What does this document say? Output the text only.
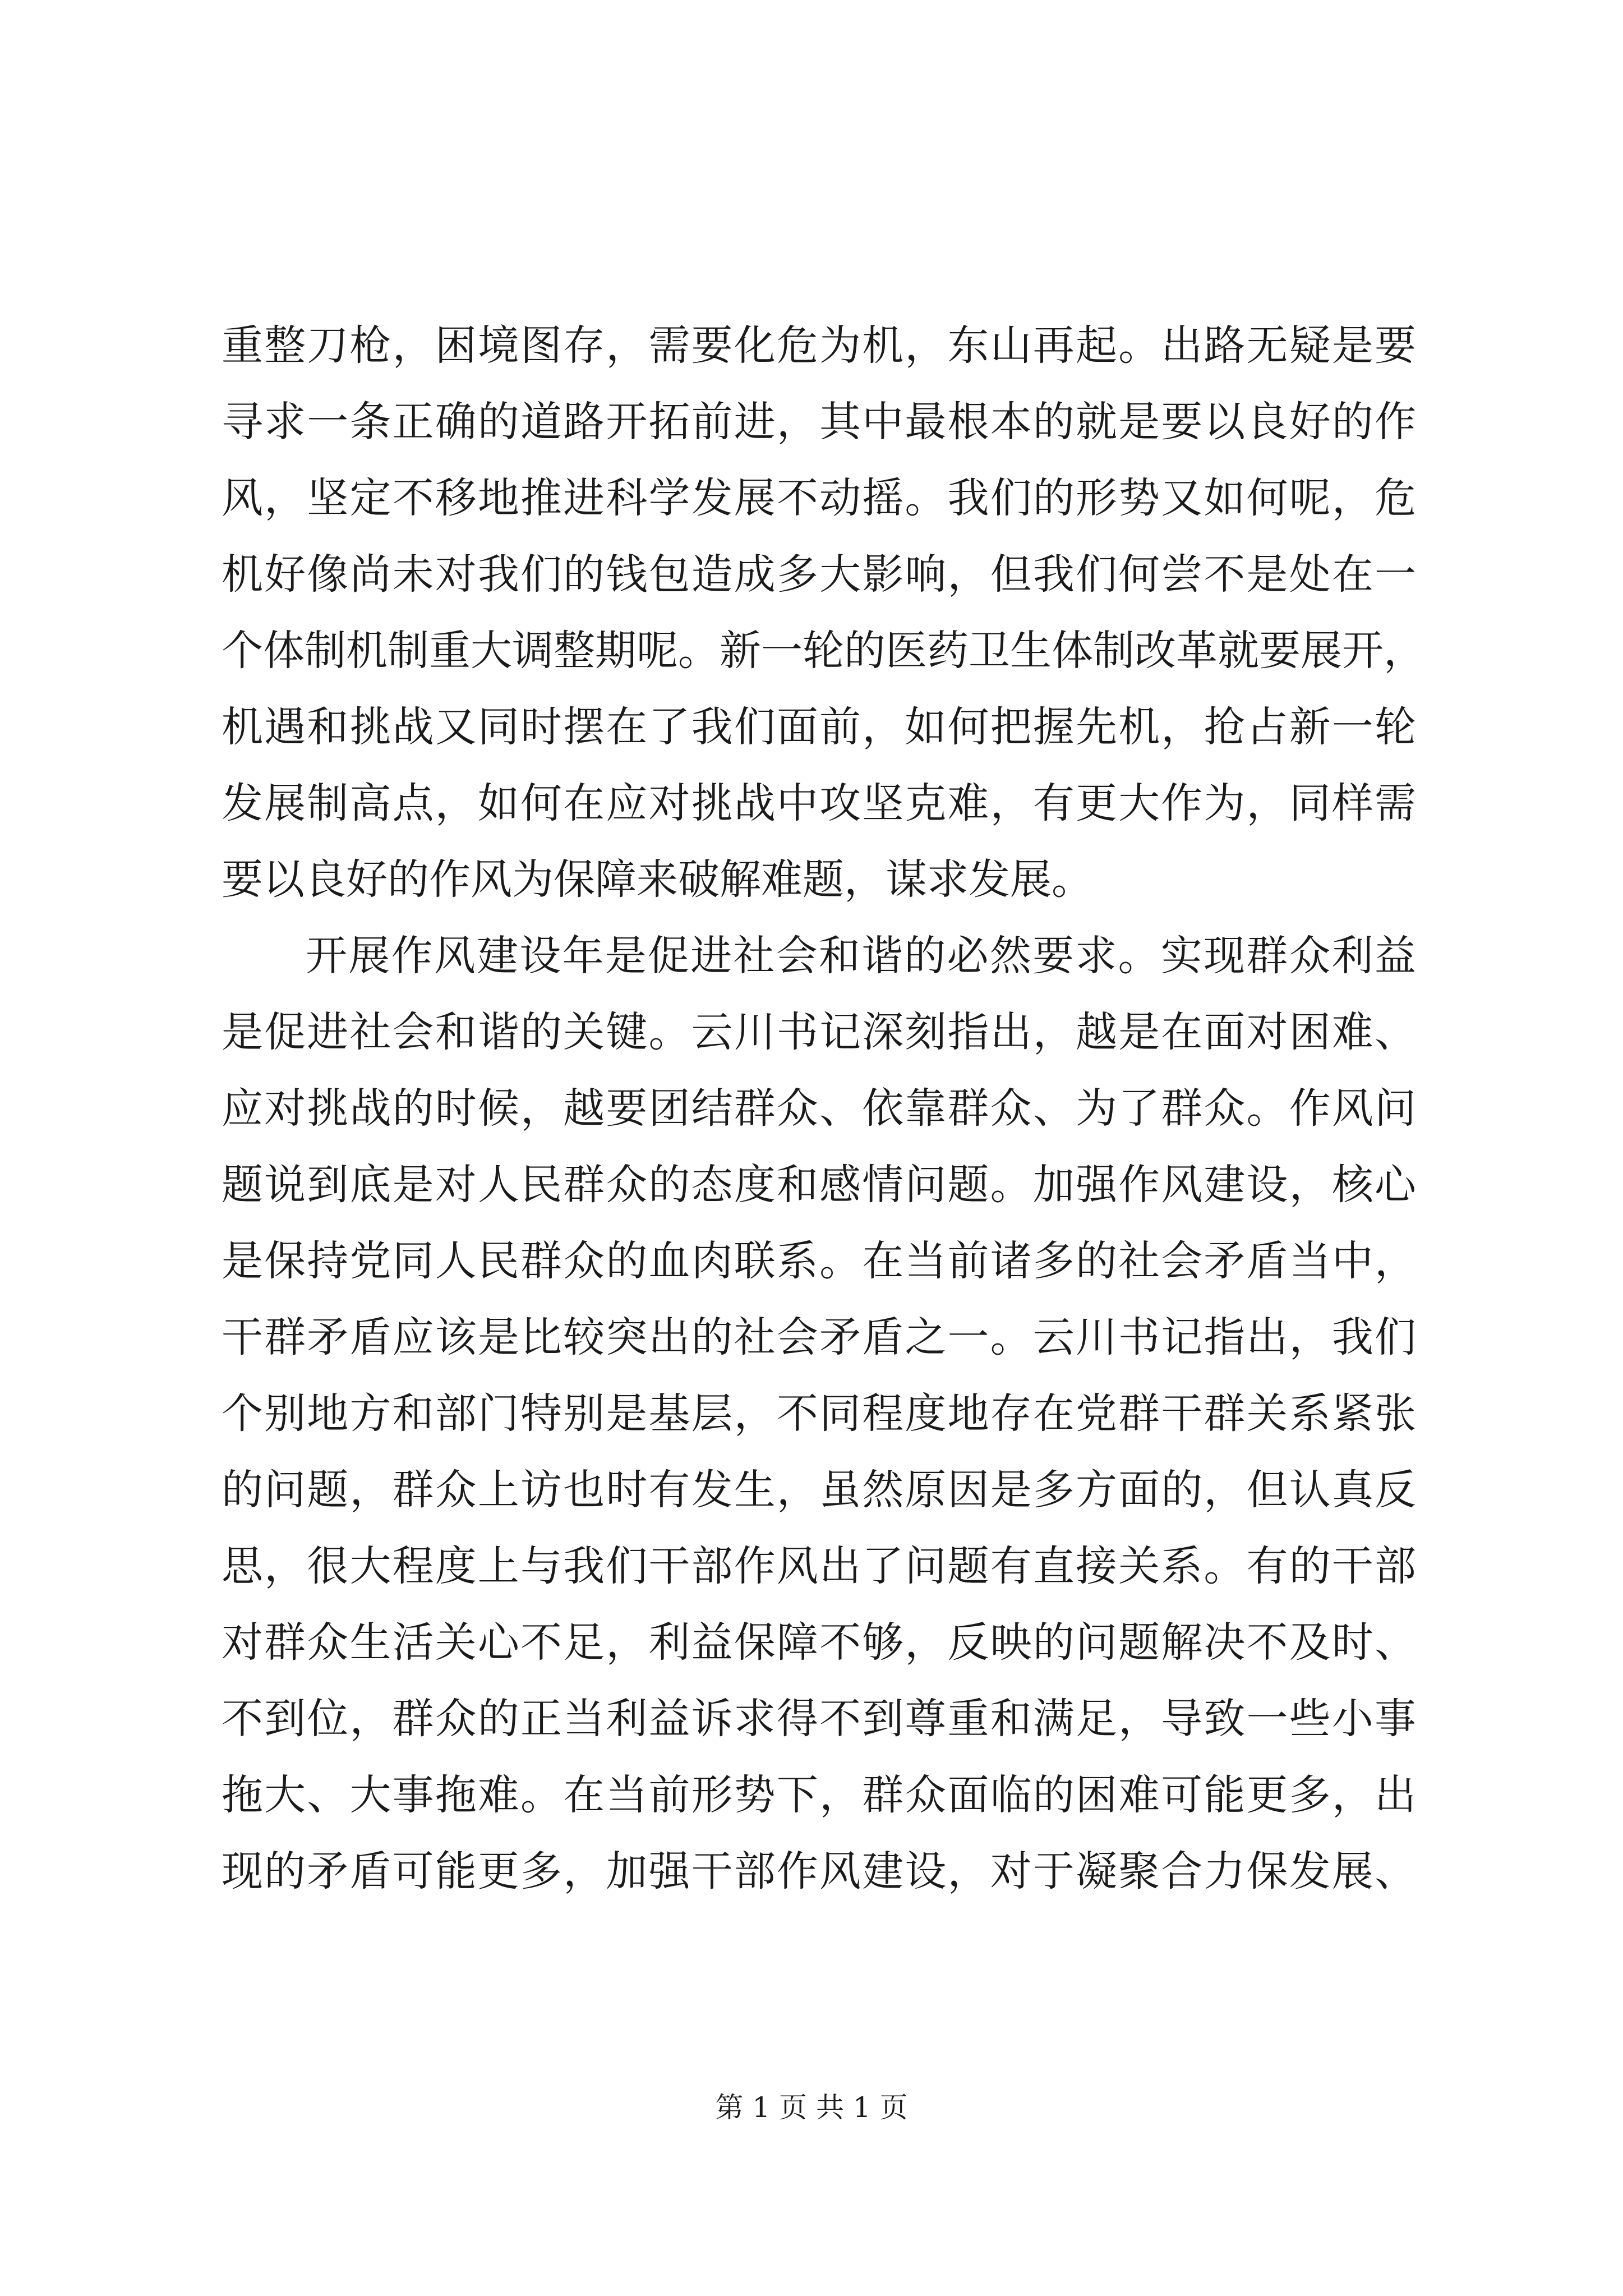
重整刀枪，困境图存，需要化危为机，东山再起。出路无疑是要
寻求一条正确的道路开拓前进，其中最根本的就是要以良好的作
风，坚定不移地推进科学发展不动摇。我们的形势又如何呢，危
机好像尚未对我们的钱包造成多大影响，但我们何尝不是处在一
个体制机制重大调整期呢。新一轮的医药卫生体制改革就要展开，
机遇和挑战又同时摆在了我们面前，如何把握先机，抢占新一轮
发展制高点，如何在应对挑战中攻坚克难，有更大作为，同样需
要以良好的作风为保障来破解难题，谋求发展。
开展作风建设年是促进社会和谐的必然要求。实现群众利益
是促进社会和谐的关键。云川书记深刻指出，越是在面对困难、
应对挑战的时候，越要团结群众、依靠群众、为了群众。作风问
题说到底是对人民群众的态度和感情问题。加强作风建设，核心
是保持党同人民群众的血肉联系。在当前诸多的社会矛盾当中，
干群矛盾应该是比较突出的社会矛盾之一。云川书记指出，我们
个别地方和部门特别是基层，不同程度地存在党群干群关系紧张
的问题，群众上访也时有发生，虽然原因是多方面的，但认真反
思，很大程度上与我们干部作风出了问题有直接关系。有的干部
对群众生活关心不足，利益保障不够，反映的问题解决不及时、
不到位，群众的正当利益诉求得不到尊重和满足，导致一些小事
拖大、大事拖难。在当前形势下，群众面临的困难可能更多，出
现的矛盾可能更多，加强干部作风建设，对于凝聚合力保发展、
第 1 页 共 1 页
